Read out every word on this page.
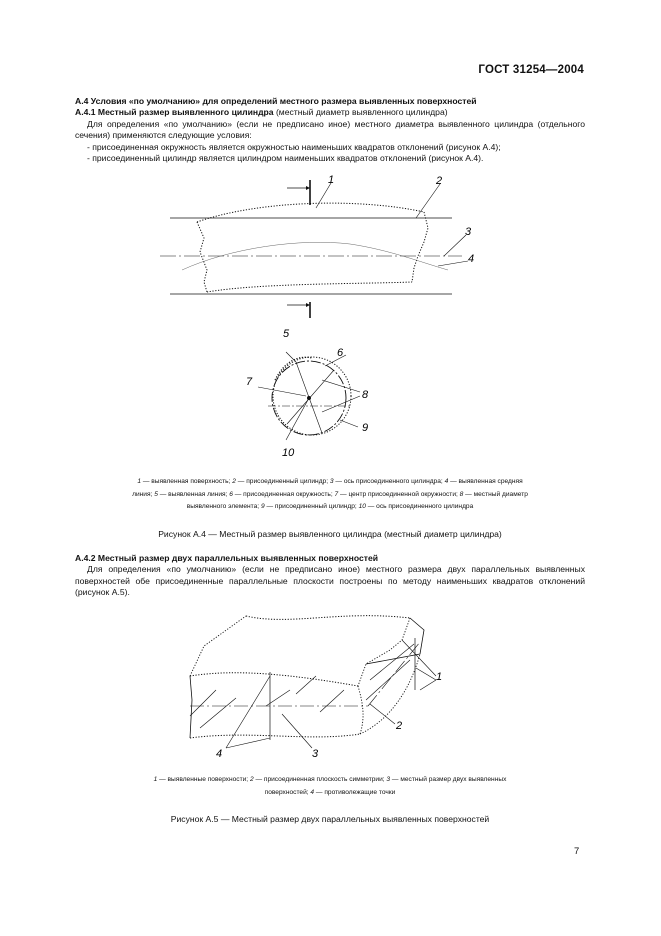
ГОСТ 31254—2004

А.4 Условия «по умолчанию» для определений местного размера выявленных поверхностей

А.4.1 Местный размер выявленного цилиндра (местный диаметр выявленного цилиндра)

Для определения «по умолчанию» (если не предписано иное) местного диаметра выявленного цилиндра (отдельного сечения) применяются следующие условия:

- присоединенная окружность является окружностью наименьших квадратов отклонений (рисунок А.4);

- присоединенный цилиндр является цилиндром наименьших квадратов отклонений (рисунок А.4).

1	2
3
4
5
6
7
8
9
10
1
2
3
4
1 — выявленная поверхность; 2 — присоединенный цилиндр; 3 — ось присоединенного цилиндра; 4 — выявленная средняя
линия; 5 — выявленная линия; 6 — присоединенная окружность; 7 — центр присоединенной окружности; 8 — местный диаметр
выявленного элемента; 9 — присоединенный цилиндр; 10 — ось присоединенного цилиндра
Рисунок А.4 — Местный размер выявленного цилиндра (местный диаметр цилиндра)

А.4.2 Местный размер двух параллельных выявленных поверхностей

Для определения «по умолчанию» (если не предписано иное) местного размера двух параллельных выявленных поверхностей обе присоединенные параллельные плоскости построены по методу наименьших квадратов отклонений (рисунок А.5).

1 — выявленные поверхности; 2 — присоединенная плоскость симметрии; 3 — местный размер двух выявленных
поверхностей; 4 — противолежащие точки
Рисунок А.5 — Местный размер двух параллельных выявленных поверхностей
7
